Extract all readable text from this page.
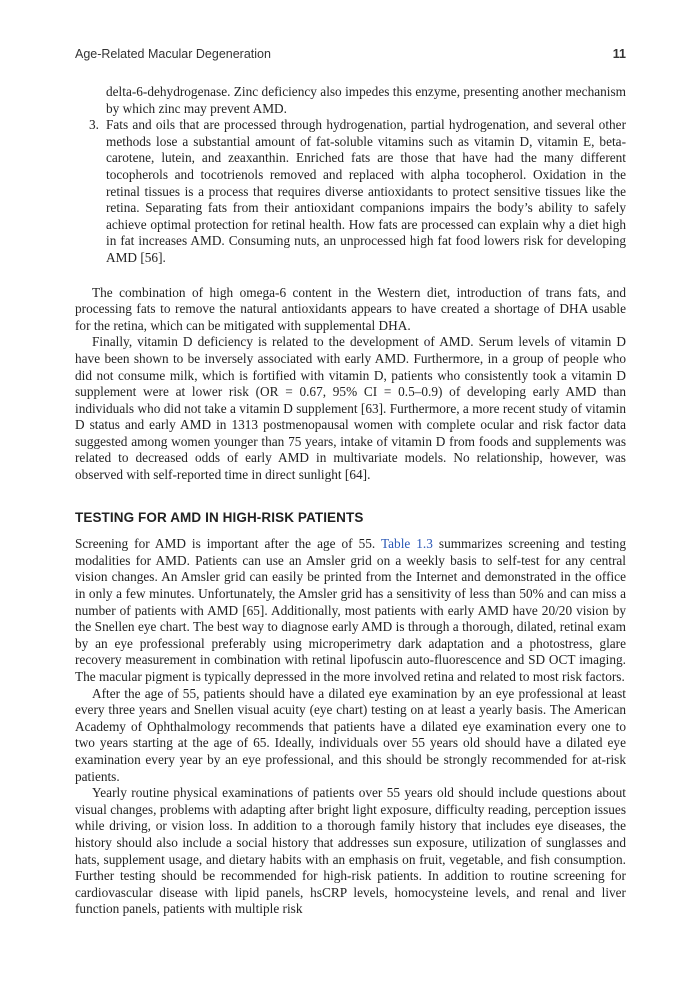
Age-Related Macular Degeneration	11
delta-6-dehydrogenase. Zinc deficiency also impedes this enzyme, presenting another mechanism by which zinc may prevent AMD.
3. Fats and oils that are processed through hydrogenation, partial hydrogenation, and several other methods lose a substantial amount of fat-soluble vitamins such as vitamin D, vitamin E, beta-carotene, lutein, and zeaxanthin. Enriched fats are those that have had the many different tocopherols and tocotrienols removed and replaced with alpha tocopherol. Oxidation in the retinal tissues is a process that requires diverse antioxidants to protect sensitive tissues like the retina. Separating fats from their antioxidant companions impairs the body’s ability to safely achieve optimal protection for retinal health. How fats are processed can explain why a diet high in fat increases AMD. Consuming nuts, an unprocessed high fat food lowers risk for developing AMD [56].

The combination of high omega-6 content in the Western diet, introduction of trans fats, and processing fats to remove the natural antioxidants appears to have created a shortage of DHA usable for the retina, which can be mitigated with supplemental DHA.

Finally, vitamin D deficiency is related to the development of AMD. Serum levels of vitamin D have been shown to be inversely associated with early AMD. Furthermore, in a group of people who did not consume milk, which is fortified with vitamin D, patients who consistently took a vitamin D supplement were at lower risk (OR = 0.67, 95% CI = 0.5–0.9) of developing early AMD than individuals who did not take a vitamin D supplement [63]. Furthermore, a more recent study of vitamin D status and early AMD in 1313 postmenopausal women with complete ocular and risk factor data suggested among women younger than 75 years, intake of vitamin D from foods and supplements was related to decreased odds of early AMD in multivariate models. No relationship, however, was observed with self-reported time in direct sunlight [64].

TESTING FOR AMD IN HIGH-RISK PATIENTS

Screening for AMD is important after the age of 55. Table 1.3 summarizes screening and testing modalities for AMD. Patients can use an Amsler grid on a weekly basis to self-test for any central vision changes. An Amsler grid can easily be printed from the Internet and demonstrated in the office in only a few minutes. Unfortunately, the Amsler grid has a sensitivity of less than 50% and can miss a number of patients with AMD [65]. Additionally, most patients with early AMD have 20/20 vision by the Snellen eye chart. The best way to diagnose early AMD is through a thorough, dilated, retinal exam by an eye professional preferably using microperimetry dark adaptation and a photostress, glare recovery measurement in combination with retinal lipofuscin auto-fluorescence and SD OCT imaging. The macular pigment is typically depressed in the more involved retina and related to most risk factors.

After the age of 55, patients should have a dilated eye examination by an eye professional at least every three years and Snellen visual acuity (eye chart) testing on at least a yearly basis. The American Academy of Ophthalmology recommends that patients have a dilated eye examination every one to two years starting at the age of 65. Ideally, individuals over 55 years old should have a dilated eye examination every year by an eye professional, and this should be strongly recommended for at-risk patients.

Yearly routine physical examinations of patients over 55 years old should include questions about visual changes, problems with adapting after bright light exposure, difficulty reading, perception issues while driving, or vision loss. In addition to a thorough family history that includes eye diseases, the history should also include a social history that addresses sun exposure, utilization of sunglasses and hats, supplement usage, and dietary habits with an emphasis on fruit, vegetable, and fish consumption. Further testing should be recommended for high-risk patients. In addition to routine screening for cardiovascular disease with lipid panels, hsCRP levels, homocysteine levels, and renal and liver function panels, patients with multiple risk
